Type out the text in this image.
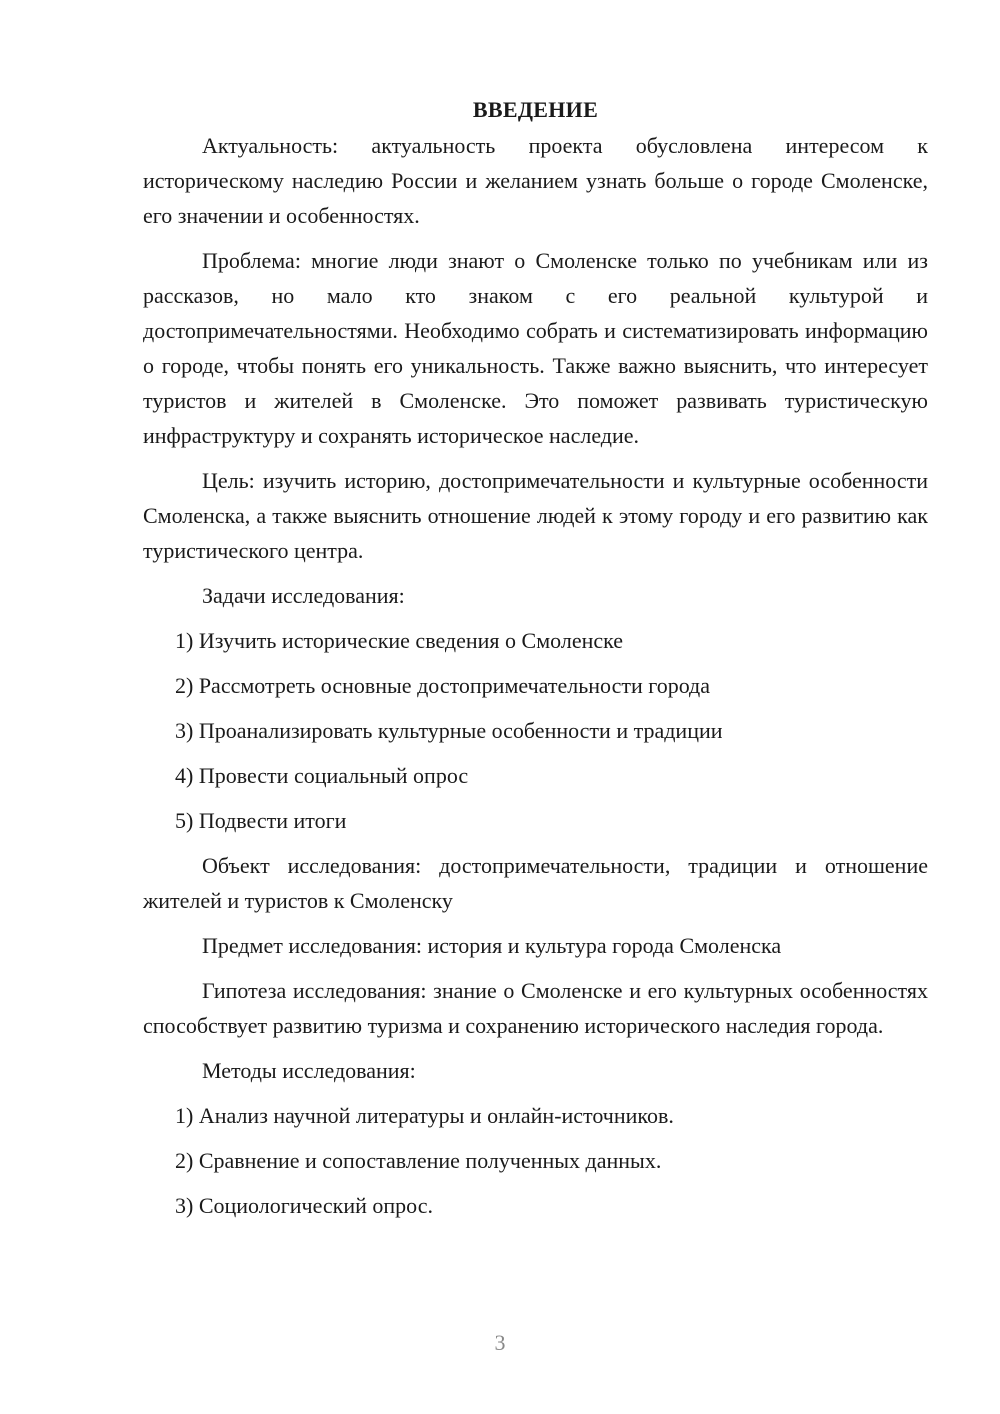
ВВЕДЕНИЕ

Актуальность: актуальность проекта обусловлена интересом к историческому наследию России и желанием узнать больше о городе Смоленске, его значении и особенностях.

Проблема: многие люди знают о Смоленске только по учебникам или из рассказов, но мало кто знаком с его реальной культурой и достопримечательностями. Необходимо собрать и систематизировать информацию о городе, чтобы понять его уникальность. Также важно выяснить, что интересует туристов и жителей в Смоленске. Это поможет развивать туристическую инфраструктуру и сохранять историческое наследие.

Цель: изучить историю, достопримечательности и культурные особенности Смоленска, а также выяснить отношение людей к этому городу и его развитию как туристического центра.

Задачи исследования:

1) Изучить исторические сведения о Смоленске
2) Рассмотреть основные достопримечательности города
3) Проанализировать культурные особенности и традиции
4) Провести социальный опрос
5) Подвести итоги

Объект исследования: достопримечательности, традиции и отношение жителей и туристов к Смоленску

Предмет исследования: история и культура города Смоленска

Гипотеза исследования: знание о Смоленске и его культурных особенностях способствует развитию туризма и сохранению исторического наследия города.

Методы исследования:

1) Анализ научной литературы и онлайн-источников.
2) Сравнение и сопоставление полученных данных.
3) Социологический опрос.
3
